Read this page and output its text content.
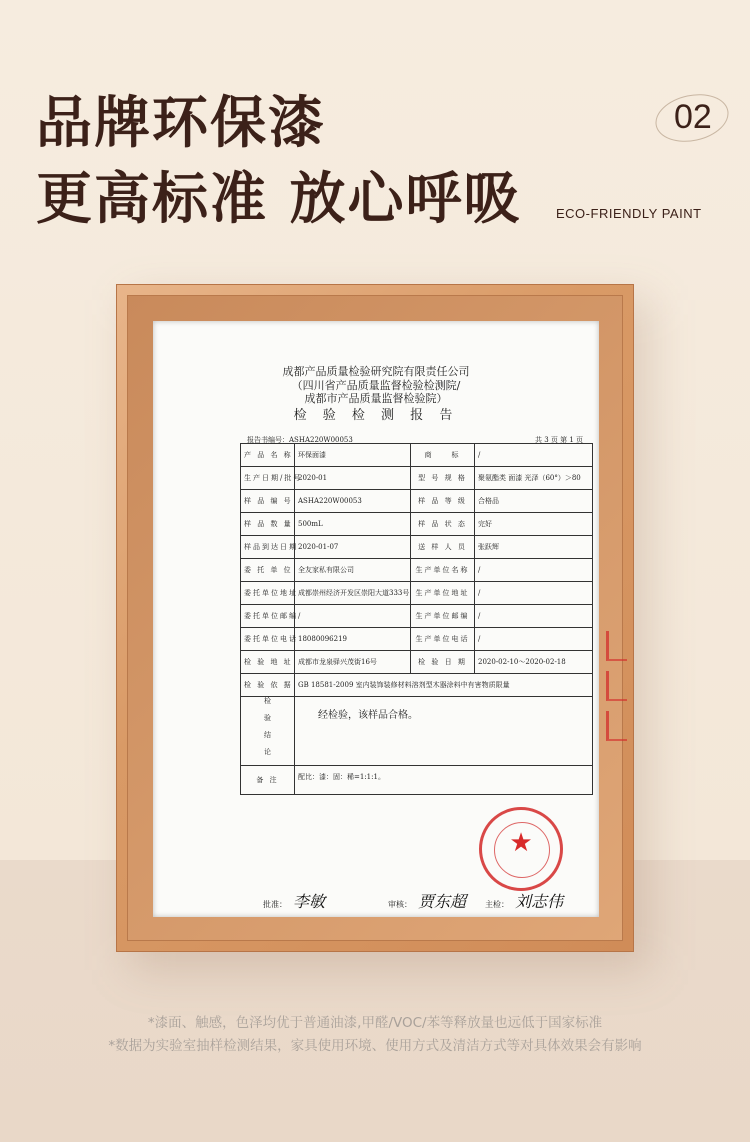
品牌环保漆
更高标准 放心呼吸
02
ECO-FRIENDLY PAINT
成都产品质量检验研究院有限责任公司
（四川省产品质量监督检验检测院/
成都市产品质量监督检验院）
检 验 检 测 报 告
报告书编号：ASHA220W00053	共 3 页 第 1 页
产 品 名 称	环保面漆	商　　标	/
生产日期/批号	2020-01	型 号 规 格	聚氨酯类 面漆 光泽（60°）＞80
样 品 编 号	ASHA220W00053	样 品 等 级	合格品
样 品 数 量	500mL	样 品 状 态	完好
样品到达日期	2020-01-07	送 样 人 员	张跃辉
委 托 单 位	全友家私有限公司	生产单位名称	/
委托单位地址	成都崇州经济开发区崇阳大道333号	生产单位地址	/
委托单位邮编	/	生产单位邮编	/
委托单位电话	18080096219	生产单位电话	/
检 验 地 址	成都市龙泉驿兴茂街16号	检 验 日 期	2020-02-10～2020-02-18
检 验 依 据	GB 18581-2009 室内装饰装修材料溶剂型木器涂料中有害物质限量		

检验结论	经检验，该样品合格。		

备 注	配比：漆：固：稀=1:1:1。		
★
批准： 李敏	审核： 贾东超 主检： 刘志伟
*漆面、触感，色泽均优于普通油漆,甲醛/VOC/苯等释放量也远低于国家标准
*数据为实验室抽样检测结果，家具使用环境、使用方式及清洁方式等对具体效果会有影响
